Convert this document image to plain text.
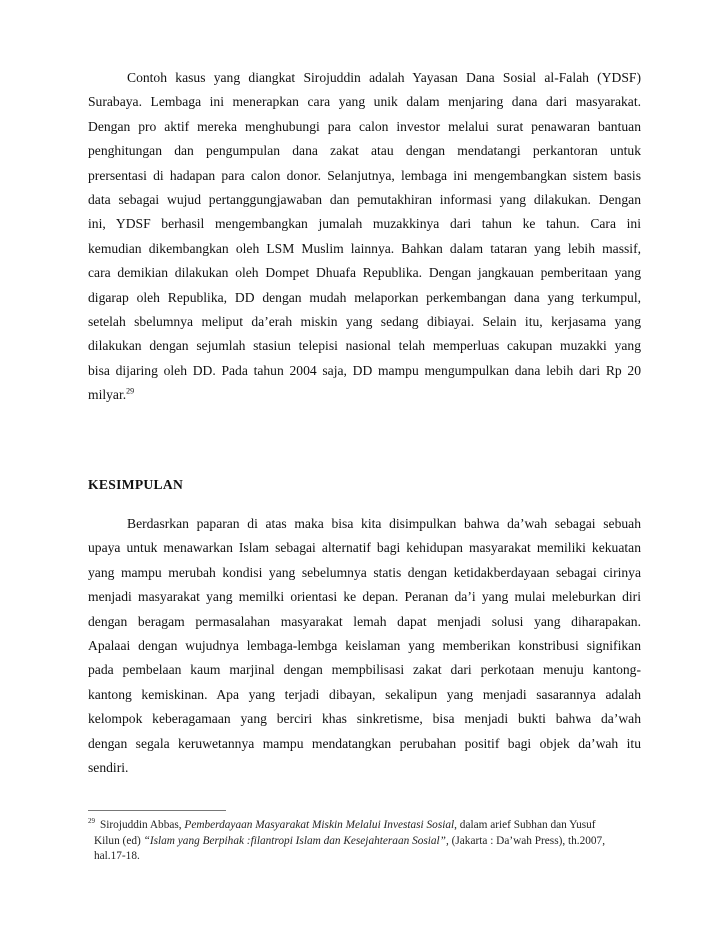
Contoh kasus yang diangkat Sirojuddin adalah Yayasan Dana Sosial al-Falah (YDSF)
Surabaya. Lembaga ini menerapkan cara yang unik dalam menjaring dana dari masyarakat.
Dengan pro aktif mereka menghubungi para calon investor melalui surat penawaran bantuan
penghitungan dan pengumpulan dana zakat atau dengan mendatangi perkantoran untuk
prersentasi di hadapan para calon donor. Selanjutnya, lembaga ini mengembangkan sistem basis
data sebagai wujud pertanggungjawaban dan pemutakhiran informasi yang dilakukan. Dengan
ini, YDSF berhasil mengembangkan jumalah muzakkinya dari tahun ke tahun. Cara ini
kemudian dikembangkan oleh LSM Muslim lainnya. Bahkan dalam tataran yang lebih massif,
cara demikian dilakukan oleh Dompet Dhuafa Republika. Dengan jangkauan pemberitaan yang
digarap oleh Republika, DD dengan mudah melaporkan perkembangan dana yang terkumpul,
setelah sbelumnya meliput da’erah miskin yang sedang dibiayai. Selain itu, kerjasama yang
dilakukan dengan sejumlah stasiun telepisi nasional telah memperluas cakupan muzakki yang
bisa dijaring oleh DD. Pada tahun 2004 saja, DD mampu mengumpulkan dana lebih dari Rp 20
milyar.$^{29}$
KESIMPULAN
Berdasrkan paparan di atas maka bisa kita disimpulkan bahwa da’wah sebagai sebuah
upaya untuk menawarkan Islam sebagai alternatif bagi kehidupan masyarakat memiliki kekuatan
yang mampu merubah kondisi yang sebelumnya statis dengan ketidakberdayaan sebagai cirinya
menjadi masyarakat yang memilki orientasi ke depan. Peranan da’i yang mulai meleburkan diri
dengan beragam permasalahan masyarakat lemah dapat menjadi solusi yang diharapakan.
Apalaai dengan wujudnya lembaga-lembga keislaman yang memberikan konstribusi signifikan
pada pembelaan kaum marjinal dengan mempbilisasi zakat dari perkotaan menuju kantong-
kantong kemiskinan. Apa yang terjadi dibayan, sekalipun yang menjadi sasarannya adalah
kelompok keberagamaan yang berciri khas sinkretisme, bisa menjadi bukti bahwa da’wah
dengan segala keruwetannya mampu mendatangkan perubahan positif bagi objek da’wah itu
sendiri.
$^{29}$ Sirojuddin Abbas, Pemberdayaan Masyarakat Miskin Melalui Investasi Sosial, dalam arief Subhan dan Yusuf
Kilun (ed) “Islam yang Berpihak :filantropi Islam dan Kesejahteraan Sosial”, (Jakarta : Da’wah Press), th.2007,
hal.17-18.
